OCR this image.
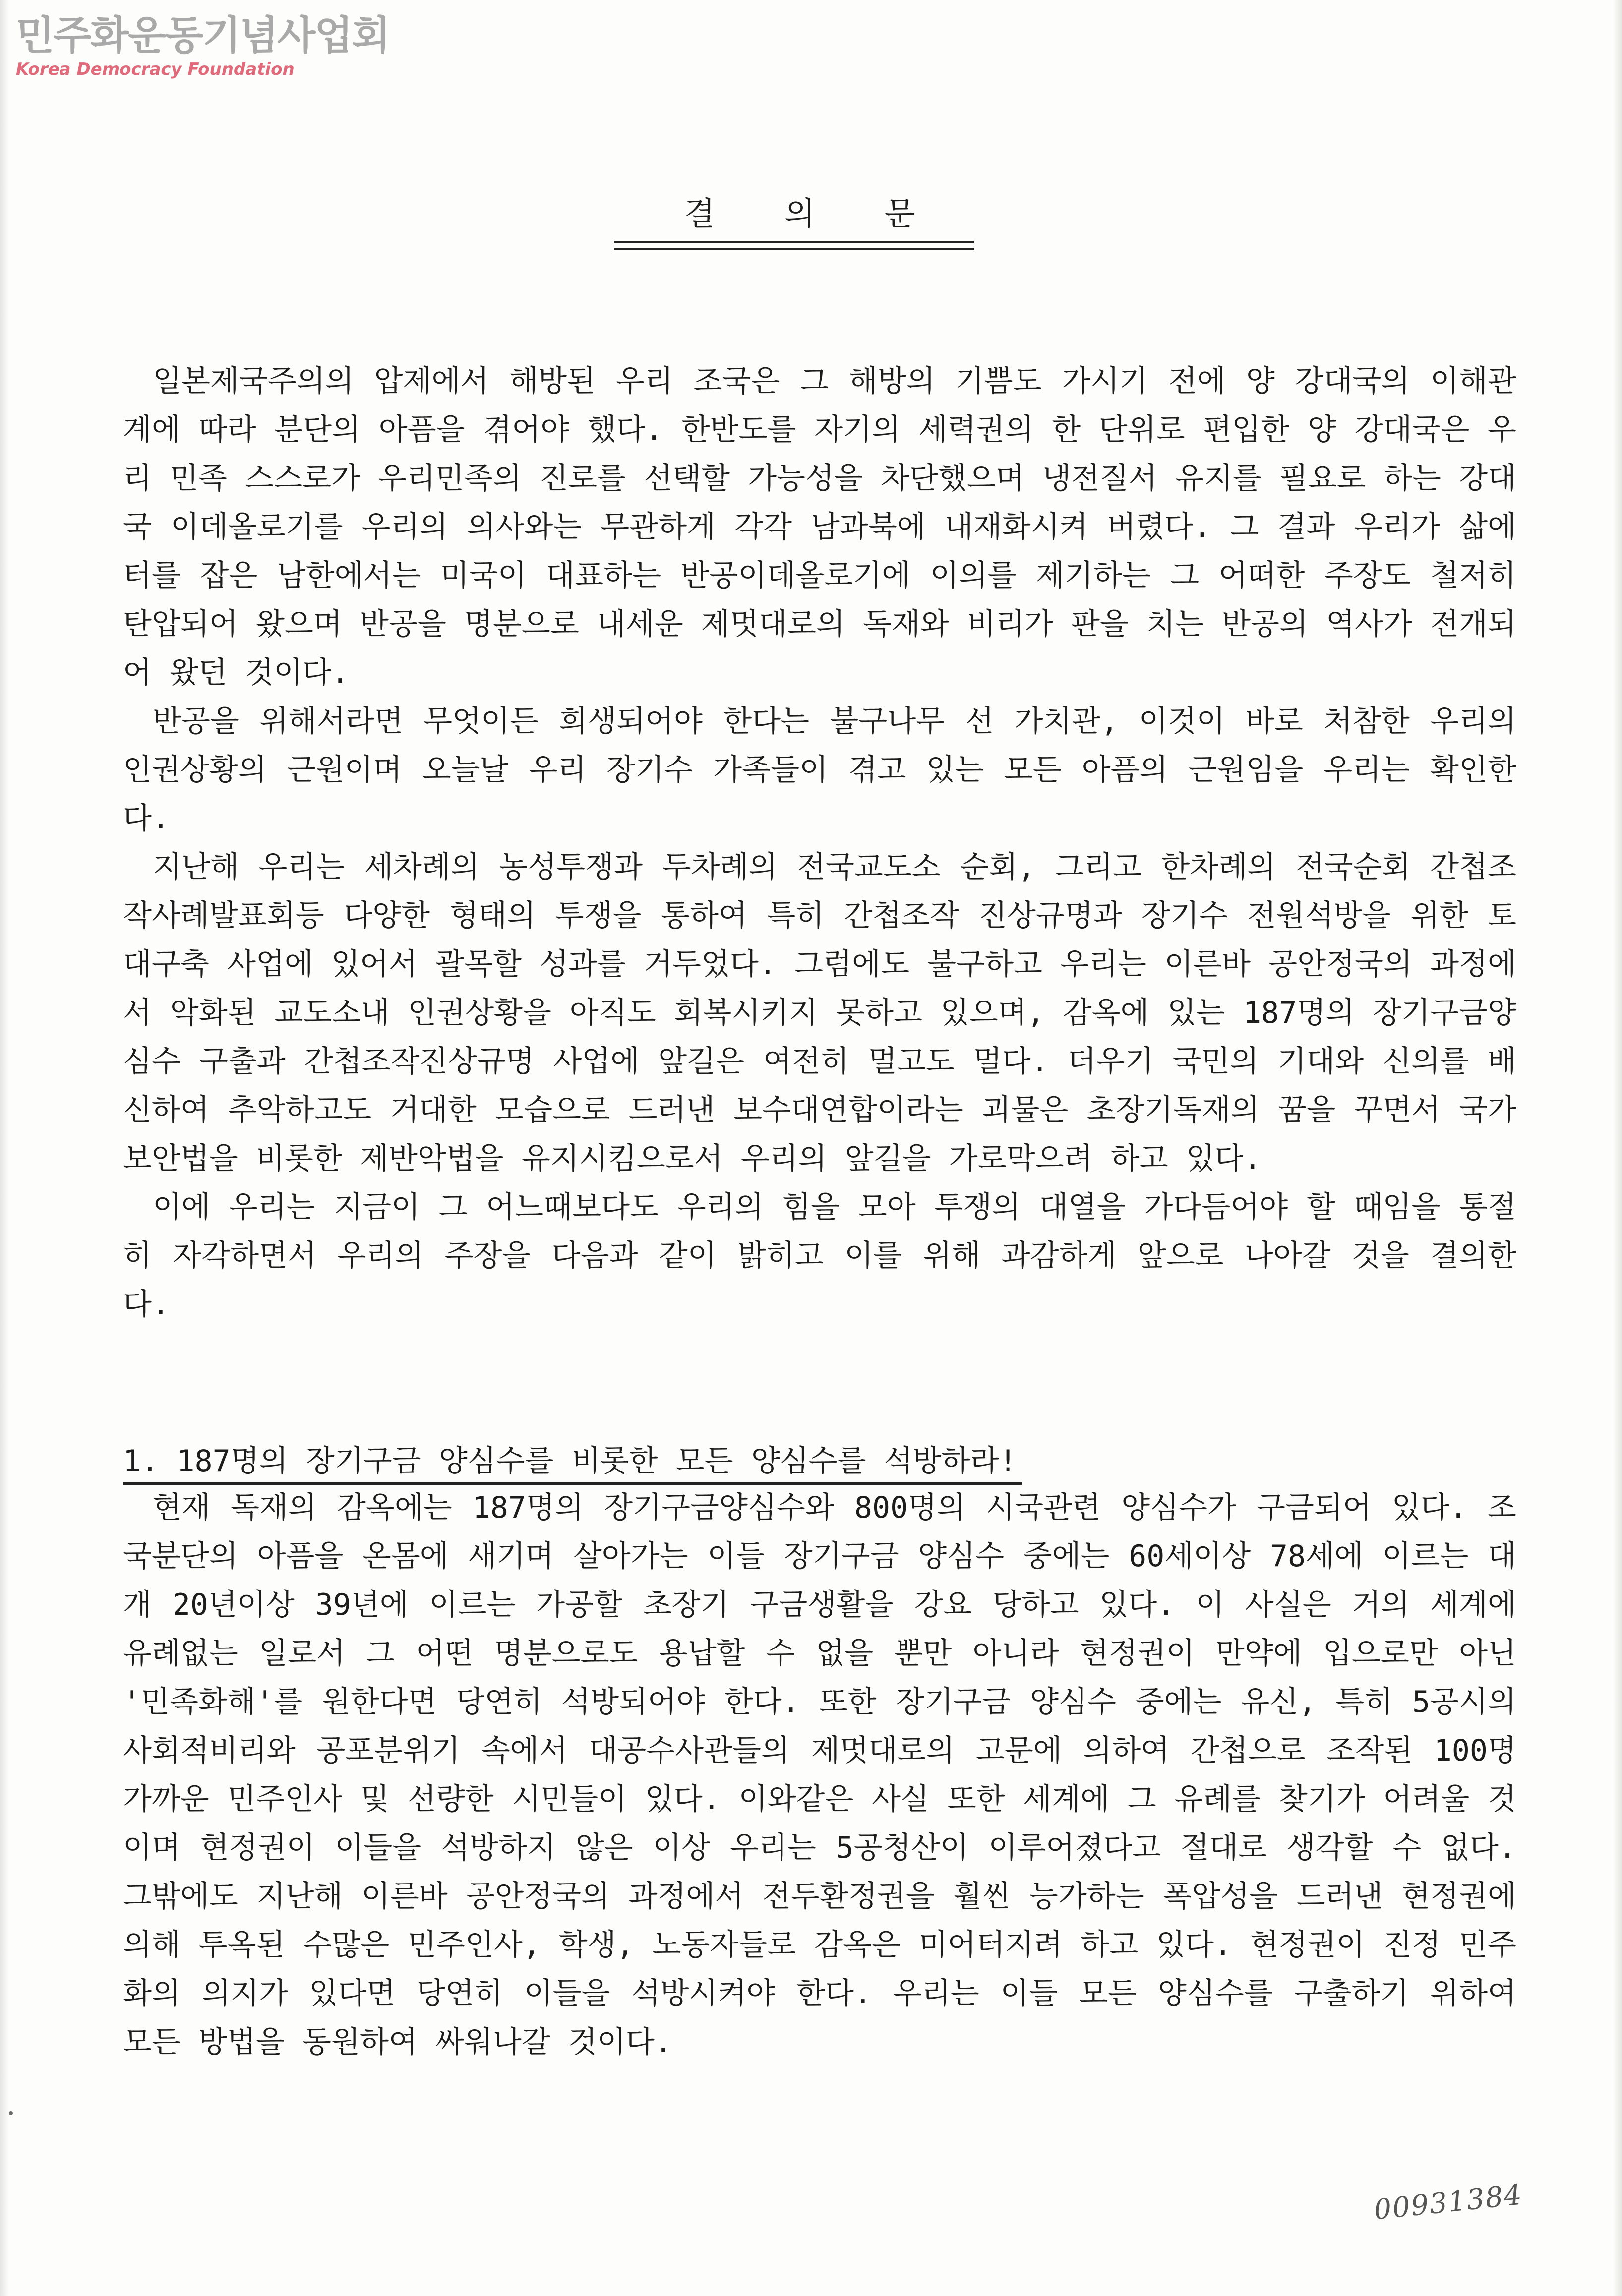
민주화운동기념사업회
Korea Democracy Foundation
결의문

일본제국주의의 압제에서 해방된 우리 조국은 그 해방의 기쁨도 가시기 전에 양 강대국의 이해관계에 따라 분단의 아픔을 겪어야 했다. 한반도를 자기의 세력권의 한 단위로 편입한 양 강대국은 우리 민족 스스로가 우리민족의 진로를 선택할 가능성을 차단했으며 냉전질서 유지를 필요로 하는 강대국 이데올로기를 우리의 의사와는 무관하게 각각 남과북에 내재화시켜 버렸다. 그 결과 우리가 삶에 터를 잡은 남한에서는 미국이 대표하는 반공이데올로기에 이의를 제기하는 그 어떠한 주장도 철저히 탄압되어 왔으며 반공을 명분으로 내세운 제멋대로의 독재와 비리가 판을 치는 반공의 역사가 전개되어 왔던 것이다.

반공을 위해서라면 무엇이든 희생되어야 한다는 불구나무 선 가치관, 이것이 바로 처참한 우리의 인권상황의 근원이며 오늘날 우리 장기수 가족들이 겪고 있는 모든 아픔의 근원임을 우리는 확인한다.

지난해 우리는 세차례의 농성투쟁과 두차례의 전국교도소 순회, 그리고 한차례의 전국순회 간첩조작사례발표회등 다양한 형태의 투쟁을 통하여 특히 간첩조작 진상규명과 장기수 전원석방을 위한 토대구축 사업에 있어서 괄목할 성과를 거두었다. 그럼에도 불구하고 우리는 이른바 공안정국의 과정에서 악화된 교도소내 인권상황을 아직도 회복시키지 못하고 있으며, 감옥에 있는 187명의 장기구금양심수 구출과 간첩조작진상규명 사업에 앞길은 여전히 멀고도 멀다. 더우기 국민의 기대와 신의를 배신하여 추악하고도 거대한 모습으로 드러낸 보수대연합이라는 괴물은 초장기독재의 꿈을 꾸면서 국가보안법을 비롯한 제반악법을 유지시킴으로서 우리의 앞길을 가로막으려 하고 있다.

이에 우리는 지금이 그 어느때보다도 우리의 힘을 모아 투쟁의 대열을 가다듬어야 할 때임을 통절히 자각하면서 우리의 주장을 다음과 같이 밝히고 이를 위해 과감하게 앞으로 나아갈 것을 결의한다.

1. 187명의 장기구금 양심수를 비롯한 모든 양심수를 석방하라!

현재 독재의 감옥에는 187명의 장기구금양심수와 800명의 시국관련 양심수가 구금되어 있다. 조국분단의 아픔을 온몸에 새기며 살아가는 이들 장기구금 양심수 중에는 60세이상 78세에 이르는 대개 20년이상 39년에 이르는 가공할 초장기 구금생활을 강요 당하고 있다. 이 사실은 거의 세계에 유례없는 일로서 그 어떤 명분으로도 용납할 수 없을 뿐만 아니라 현정권이 만약에 입으로만 아닌 '민족화해'를 원한다면 당연히 석방되어야 한다. 또한 장기구금 양심수 중에는 유신, 특히 5공시의 사회적비리와 공포분위기 속에서 대공수사관들의 제멋대로의 고문에 의하여 간첩으로 조작된 100명 가까운 민주인사 및 선량한 시민들이 있다. 이와같은 사실 또한 세계에 그 유례를 찾기가 어려울 것이며 현정권이 이들을 석방하지 않은 이상 우리는 5공청산이 이루어졌다고 절대로 생각할 수 없다. 그밖에도 지난해 이른바 공안정국의 과정에서 전두환정권을 훨씬 능가하는 폭압성을 드러낸 현정권에 의해 투옥된 수많은 민주인사, 학생, 노동자들로 감옥은 미어터지려 하고 있다. 현정권이 진정 민주화의 의지가 있다면 당연히 이들을 석방시켜야 한다. 우리는 이들 모든 양심수를 구출하기 위하여 모든 방법을 동원하여 싸워나갈 것이다.

00931384
